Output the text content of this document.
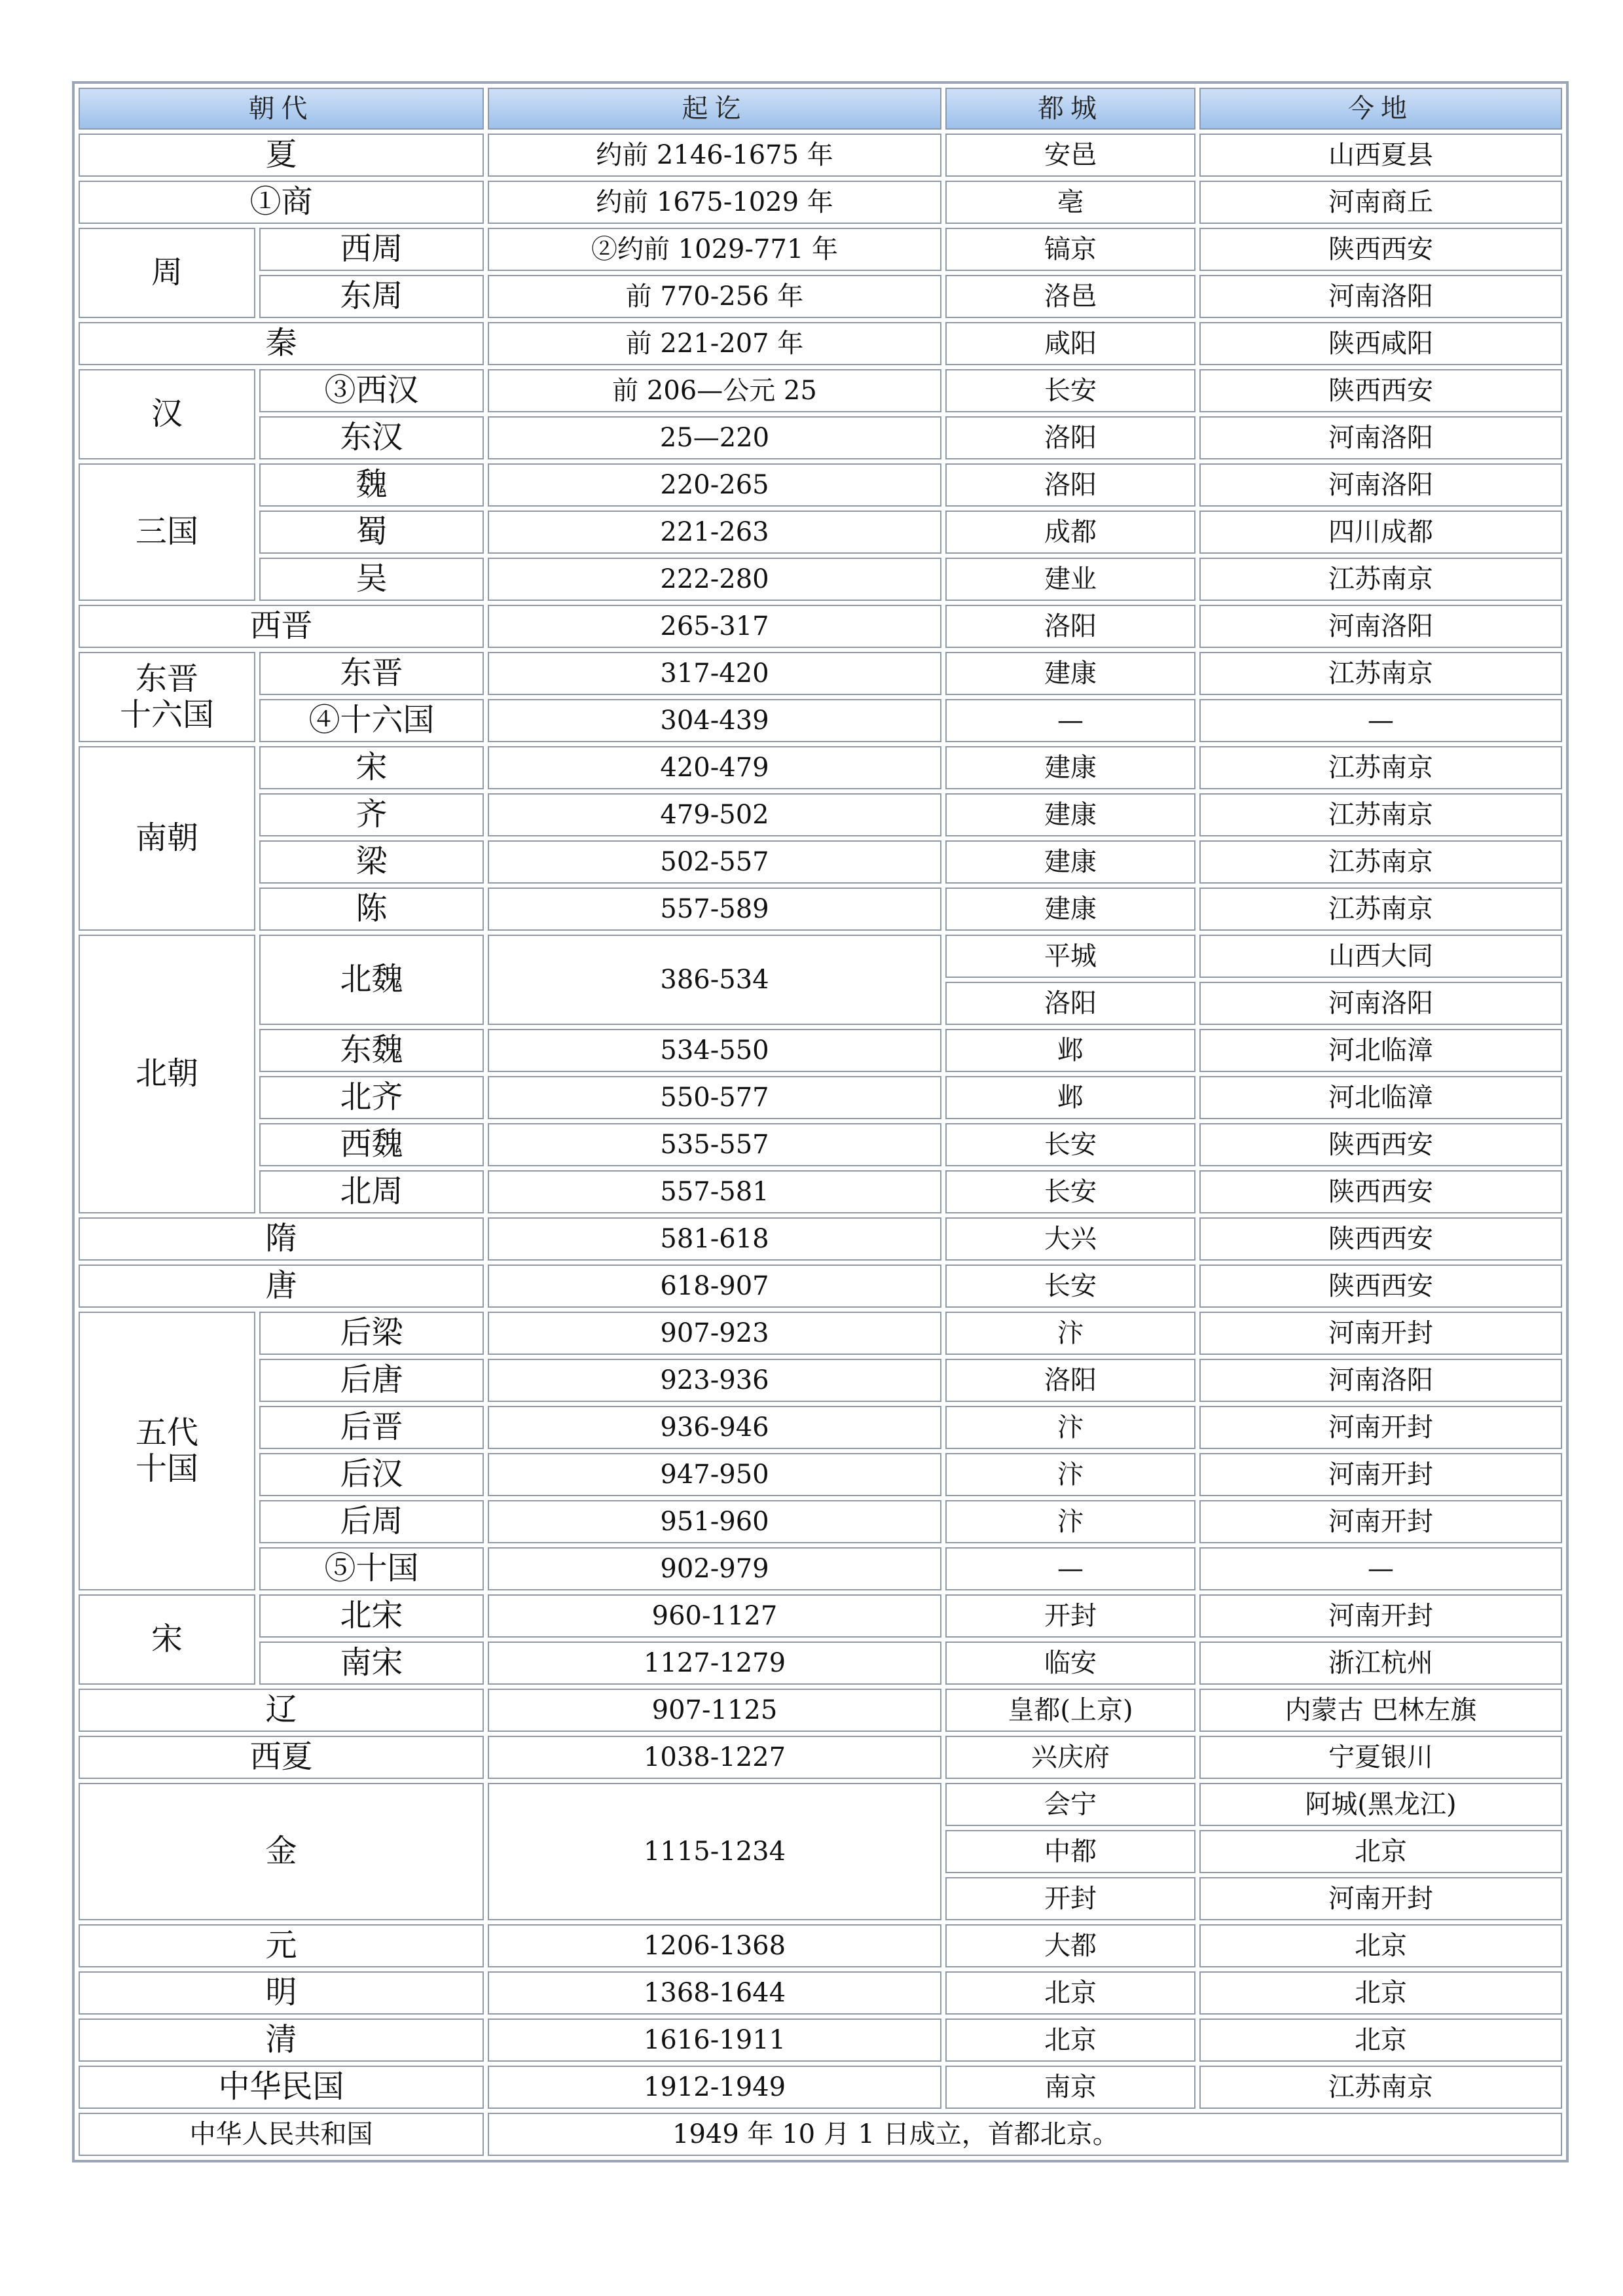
朝代		起讫	都城	今地
夏		约前 2146-1675 年	安邑	山西夏县
①商		约前 1675-1029 年	亳	河南商丘
周	西周	②约前 1029-771 年	镐京	陕西西安
	东周	前 770-256 年	洛邑	河南洛阳
秦		前 221-207 年	咸阳	陕西咸阳
汉	③西汉	前 206—公元 25	长安	陕西西安
	东汉	25—220	洛阳	河南洛阳
三国	魏	220-265	洛阳	河南洛阳
	蜀	221-263	成都	四川成都
	吴	222-280	建业	江苏南京
西晋		265-317	洛阳	河南洛阳
东晋
十六国	东晋	317-420	建康	江苏南京
	④十六国	304-439	—	—
南朝	宋	420-479	建康	江苏南京
	齐	479-502	建康	江苏南京
	梁	502-557	建康	江苏南京
	陈	557-589	建康	江苏南京
北朝	北魏	386-534	平城	山西大同
			洛阳	河南洛阳
	东魏	534-550	邺	河北临漳
	北齐	550-577	邺	河北临漳
	西魏	535-557	长安	陕西西安
	北周	557-581	长安	陕西西安
隋		581-618	大兴	陕西西安
唐		618-907	长安	陕西西安
五代
十国	后梁	907-923	汴	河南开封
	后唐	923-936	洛阳	河南洛阳
	后晋	936-946	汴	河南开封
	后汉	947-950	汴	河南开封
	后周	951-960	汴	河南开封
	⑤十国	902-979	—	—
宋	北宋	960-1127	开封	河南开封
	南宋	1127-1279	临安	浙江杭州
辽		907-1125	皇都(上京)	内蒙古 巴林左旗
西夏		1038-1227	兴庆府	宁夏银川
金		1115-1234	会宁	阿城(黑龙江)
			中都	北京
			开封	河南开封
元		1206-1368	大都	北京
明		1368-1644	北京	北京
清		1616-1911	北京	北京
中华民国		1912-1949	南京	江苏南京
中华人民共和国		1949 年 10 月 1 日成立，首都北京。		
